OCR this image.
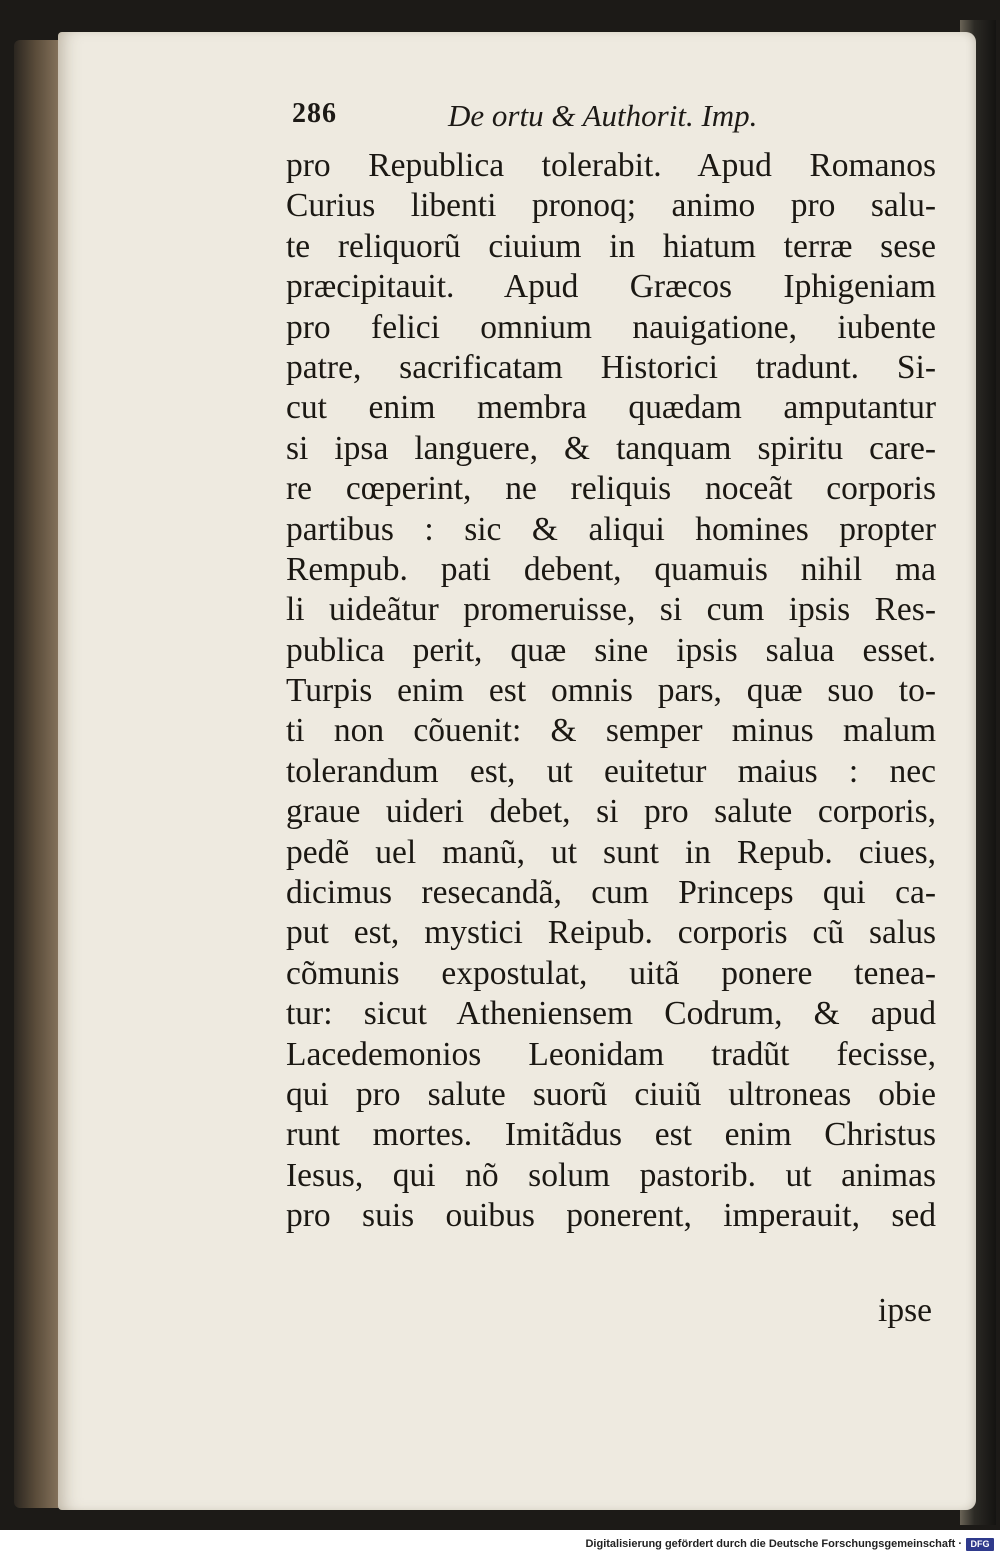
286	De ortu & Authorit. Imp.
pro Republica tolerabit. Apud Romanos
Curius libenti pronoq; animo pro salu-
te reliquorũ ciuium in hiatum terræ sese
præcipitauit. Apud Græcos Iphigeniam
pro felici omnium nauigatione, iubente
patre, sacrificatam Historici tradunt. Si-
cut enim membra quædam amputantur
si ipsa languere, & tanquam spiritu care-
re cœperint, ne reliquis noceãt corporis
partibus : sic & aliqui homines propter
Rempub. pati debent, quamuis nihil ma
li uideãtur promeruisse, si cum ipsis Res-
publica perit, quæ sine ipsis salua esset.
Turpis enim est omnis pars, quæ suo to-
ti non cõuenit: & semper minus malum
tolerandum est, ut euitetur maius : nec
graue uideri debet, si pro salute corporis,
pedẽ uel manũ, ut sunt in Repub. ciues,
dicimus resecandã, cum Princeps qui ca-
put est, mystici Reipub. corporis cũ salus
cõmunis expostulat, uitã ponere tenea-
tur: sicut Atheniensem Codrum, & apud
Lacedemonios Leonidam tradũt fecisse,
qui pro salute suorũ ciuiũ ultroneas obie
runt mortes. Imitãdus est enim Christus
Iesus, qui nõ solum pastorib. ut animas
pro suis ouibus ponerent, imperauit, sed
ipse
Digitalisierung gefördert durch die Deutsche Forschungsgemeinschaft · DFG
